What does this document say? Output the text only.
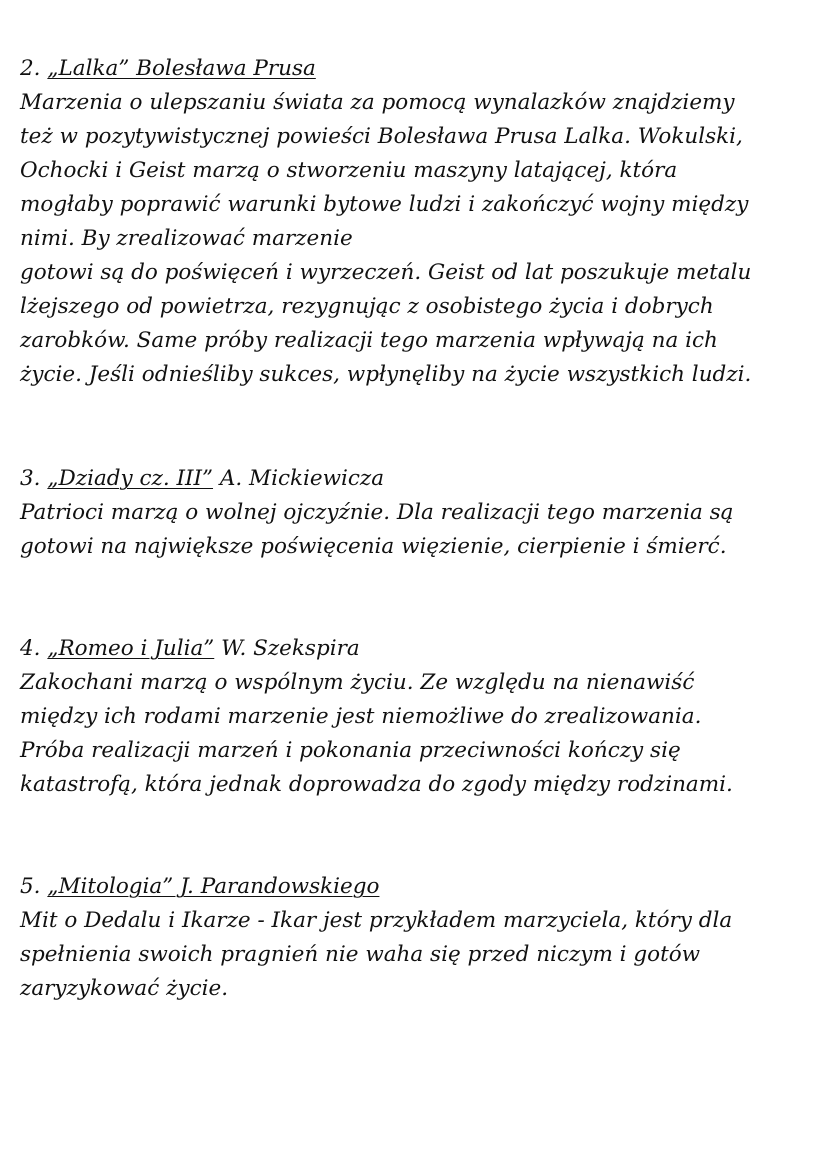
2. „Lalka” Bolesława Prusa
Marzenia o ulepszaniu świata za pomocą wynalazków znajdziemy
też w pozytywistycznej powieści Bolesława Prusa Lalka. Wokulski,
Ochocki i Geist marzą o stworzeniu maszyny latającej, która
mogłaby poprawić warunki bytowe ludzi i zakończyć wojny między
nimi. By zrealizować marzenie
gotowi są do poświęceń i wyrzeczeń. Geist od lat poszukuje metalu
lżejszego od powietrza, rezygnując z osobistego życia i dobrych
zarobków. Same próby realizacji tego marzenia wpływają na ich
życie. Jeśli odnieśliby sukces, wpłynęliby na życie wszystkich ludzi.
3. „Dziady cz. III” A. Mickiewicza
Patrioci marzą o wolnej ojczyźnie. Dla realizacji tego marzenia są
gotowi na największe poświęcenia więzienie, cierpienie i śmierć.
4. „Romeo i Julia” W. Szekspira
Zakochani marzą o wspólnym życiu. Ze względu na nienawiść
między ich rodami marzenie jest niemożliwe do zrealizowania.
Próba realizacji marzeń i pokonania przeciwności kończy się
katastrofą, która jednak doprowadza do zgody między rodzinami.
5. „Mitologia” J. Parandowskiego
Mit o Dedalu i Ikarze - Ikar jest przykładem marzyciela, który dla
spełnienia swoich pragnień nie waha się przed niczym i gotów
zaryzykować życie.
